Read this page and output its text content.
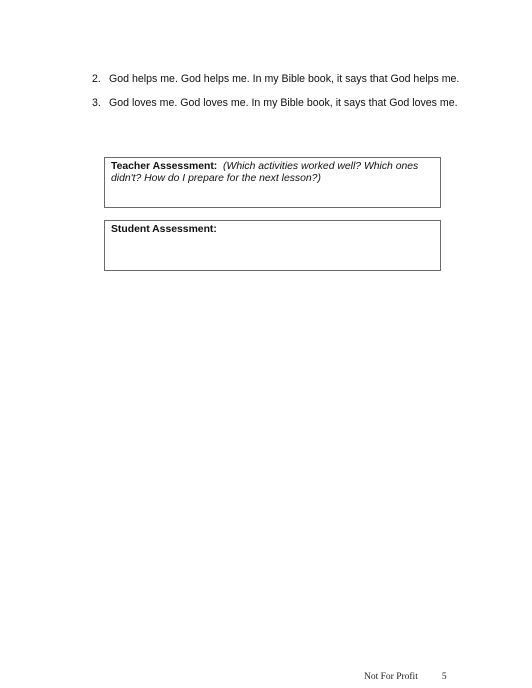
2. God helps me. God helps me. In my Bible book, it says that God helps me.
3. God loves me. God loves me. In my Bible book, it says that God loves me.
Teacher Assessment: (Which activities worked well? Which ones didn't? How do I prepare for the next lesson?)
Student Assessment:
Not For Profit	5
